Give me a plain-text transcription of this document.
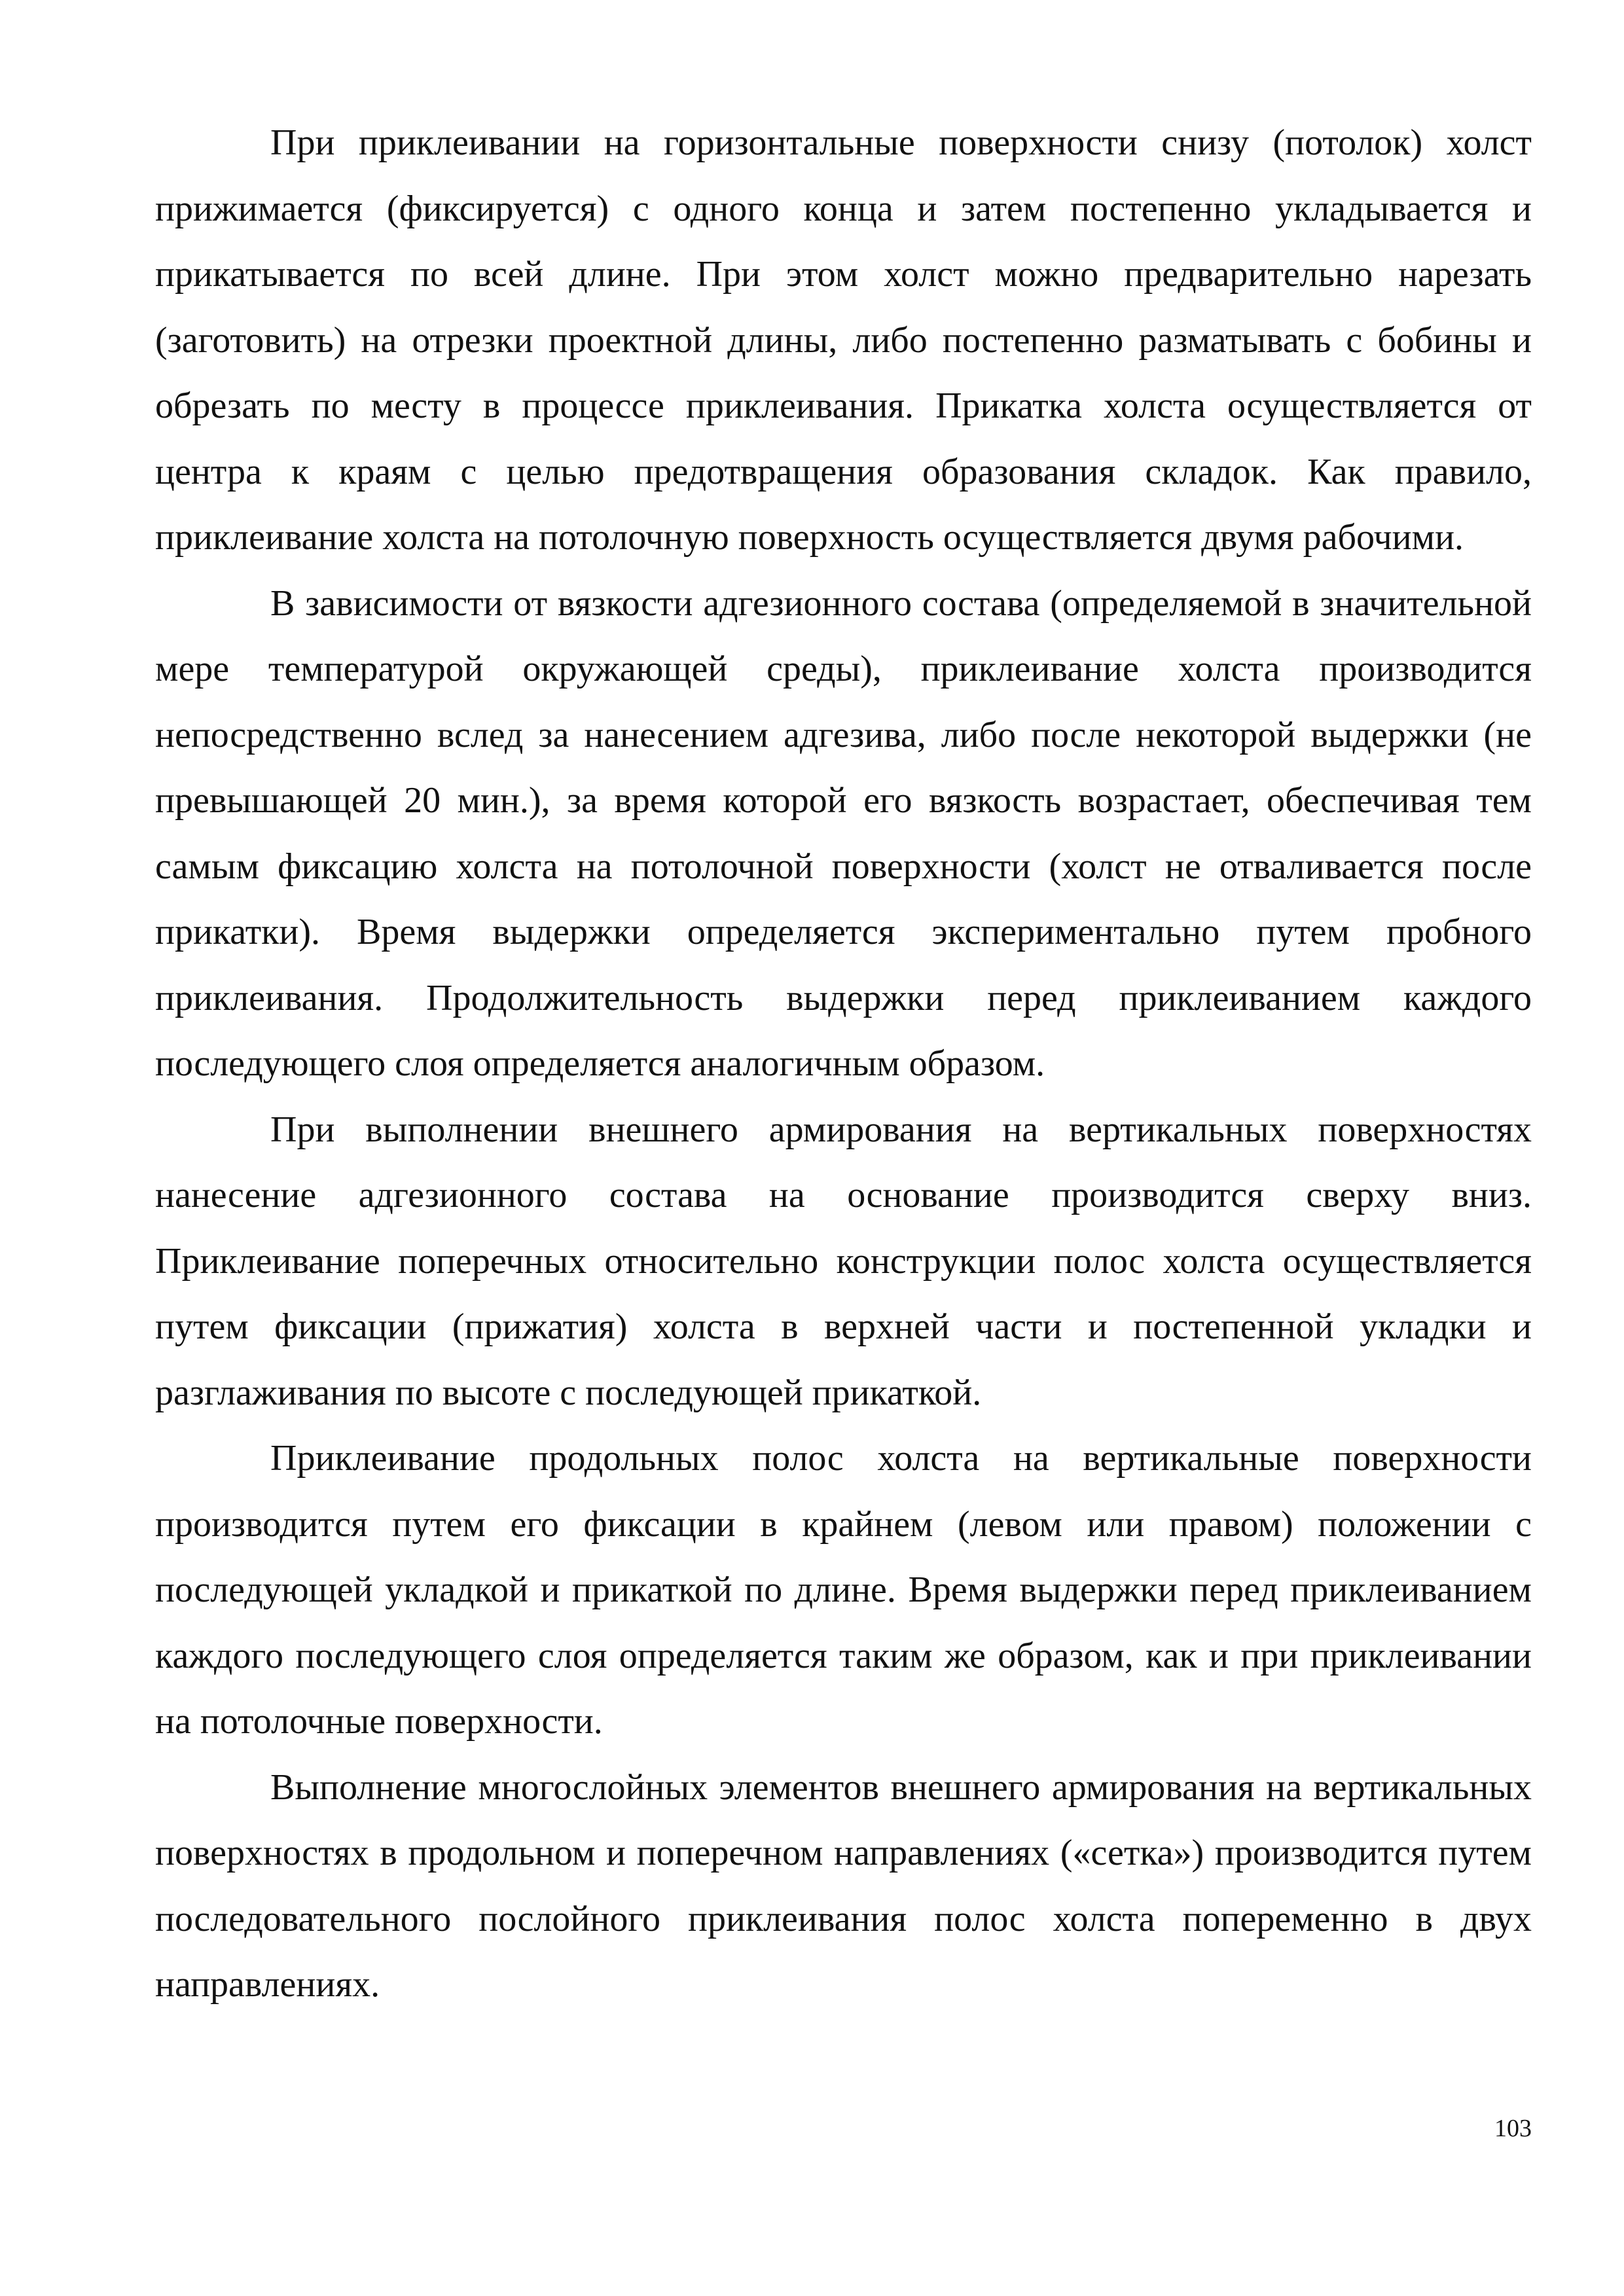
При приклеивании на горизонтальные поверхности снизу (потолок) холст прижимается (фиксируется) с одного конца и затем постепенно укладывается и прикатывается по всей длине. При этом холст можно предварительно нарезать (заготовить) на отрезки проектной длины, либо постепенно разматывать с бобины и обрезать по месту в процессе приклеивания. Прикатка холста осуществляется от центра к краям с целью предотвращения образования складок. Как правило, приклеивание холста на потолочную поверхность осуществляется двумя рабочими.

В зависимости от вязкости адгезионного состава (определяемой в значительной мере температурой окружающей среды), приклеивание холста производится непосредственно вслед за нанесением адгезива, либо после некоторой выдержки (не превышающей 20 мин.), за время которой его вязкость возрастает, обеспечивая тем самым фиксацию холста на потолочной поверхности (холст не отваливается после прикатки). Время выдержки определяется экспериментально путем пробного приклеивания. Продолжительность выдержки перед приклеиванием каждого последующего слоя определяется аналогичным образом.

При выполнении внешнего армирования на вертикальных поверхностях нанесение адгезионного состава на основание производится сверху вниз. Приклеивание поперечных относительно конструкции полос холста осуществляется путем фиксации (прижатия) холста в верхней части и постепенной укладки и разглаживания по высоте с последующей прикаткой.

Приклеивание продольных полос холста на вертикальные поверхности производится путем его фиксации в крайнем (левом или правом) положении с последующей укладкой и прикаткой по длине. Время выдержки перед приклеиванием каждого последующего слоя определяется таким же образом, как и при приклеивании на потолочные поверхности.

Выполнение многослойных элементов внешнего армирования на вертикальных поверхностях в продольном и поперечном направлениях («сетка») производится путем последовательного послойного приклеивания полос холста попеременно в двух направлениях.

103
